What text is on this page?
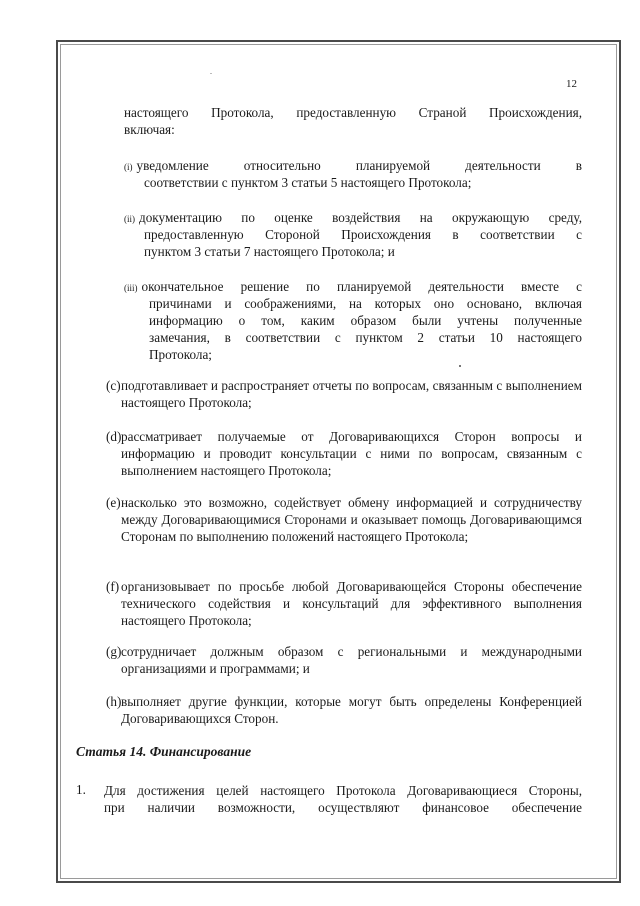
12
настоящего Протокола, предоставленную Страной Происхождения,
включая:
(i) уведомление относительно планируемой деятельности в
соответствии с пунктом 3 статьи 5 настоящего Протокола;
(ii) документацию по оценке воздействия на окружающую среду,
предоставленную Стороной Происхождения в соответствии с
пунктом 3 статьи 7 настоящего Протокола; и
(iii) окончательное решение по планируемой деятельности вместе с
причинами и соображениями, на которых оно основано, включая
информацию о том, каким образом были учтены полученные
замечания, в соответствии с пунктом 2 статьи 10 настоящего
Протокола;
(c) подготавливает и распространяет отчеты по вопросам, связанным с выполнением настоящего Протокола;
(d) рассматривает получаемые от Договаривающихся Сторон вопросы и информацию и проводит консультации с ними по вопросам, связанным с выполнением настоящего Протокола;
(e) насколько это возможно, содействует обмену информацией и сотрудничеству между Договаривающимися Сторонами и оказывает помощь Договаривающимся Сторонам по выполнению положений настоящего Протокола;
(f) организовывает по просьбе любой Договаривающейся Стороны обеспечение технического содействия и консультаций для эффективного выполнения настоящего Протокола;
(g) сотрудничает должным образом с региональными и международными организациями и программами; и
(h) выполняет другие функции, которые могут быть определены Конференцией Договаривающихся Сторон.
Статья 14. Финансирование
1. Для достижения целей настоящего Протокола Договаривающиеся Стороны,
при наличии возможности, осуществляют финансовое обеспечение
